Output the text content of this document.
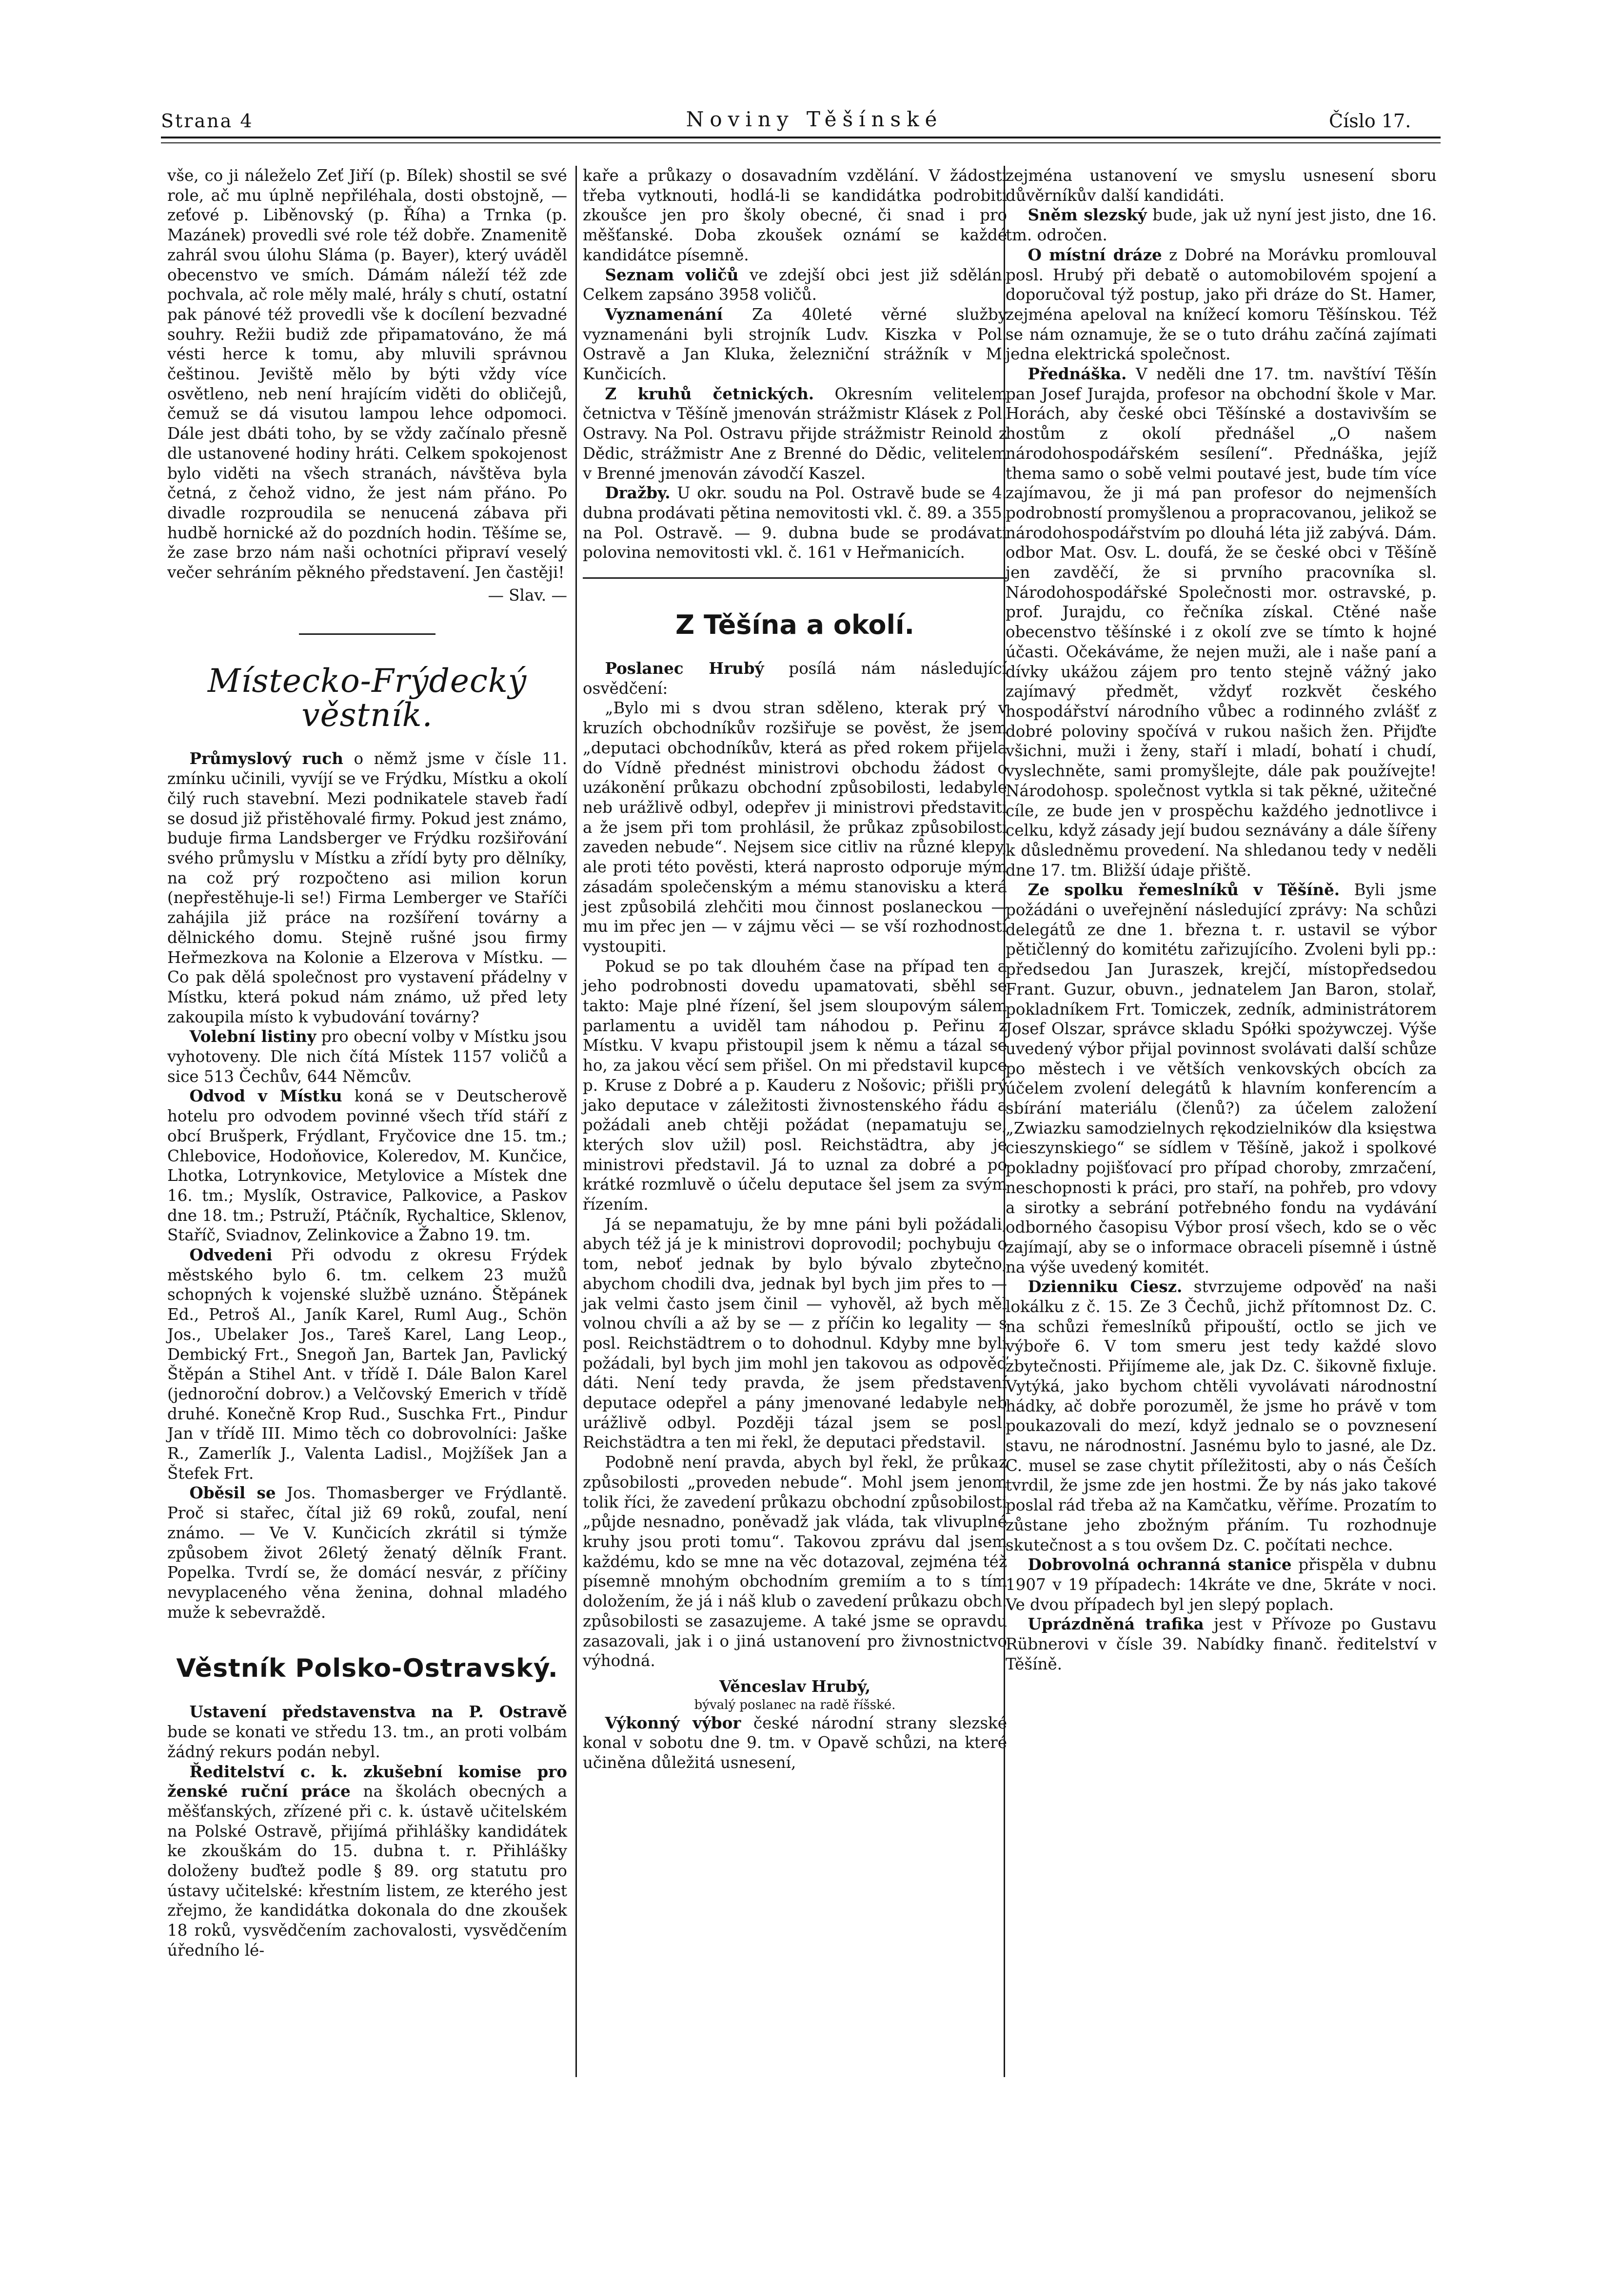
Strana 4	Noviny Těšínské	Číslo 17.

vše, co ji náleželo Zeť Jiří (p. Bílek) shostil se své role, ač mu úplně nepřiléhala, dosti obstojně, — zeťové p. Liběnovský (p. Říha) a Trnka (p. Mazánek) provedli své role též dobře. Znamenitě zahrál svou úlohu Sláma (p. Bayer), který uváděl obecenstvo ve smích. Dámám náleží též zde pochvala, ač role měly malé, hrály s chutí, ostatní pak pánové též provedli vše k docílení bezvadné souhry. Režii budiž zde připamatováno, že má vésti herce k tomu, aby mluvili správnou češtinou. Jeviště mělo by býti vždy více osvětleno, neb není hrajícím viděti do obličejů, čemuž se dá visutou lampou lehce odpomoci. Dále jest dbáti toho, by se vždy začínalo přesně dle ustanovené hodiny hráti. Celkem spokojenost bylo viděti na všech stranách, návštěva byla četná, z čehož vidno, že jest nám přáno. Po divadle rozproudila se nenucená zábava při hudbě hornické až do pozdních hodin. Těšíme se, že zase brzo nám naši ochotníci připraví veselý večer sehráním pěkného představení. Jen častěji!

— Slav. —
Místecko-Frýdecký věstník.

Průmyslový ruch o němž jsme v čísle 11. zmínku učinili, vyvíjí se ve Frýdku, Místku a okolí čilý ruch stavební. Mezi podnikatele staveb řadí se dosud již přistěhovalé firmy. Pokud jest známo, buduje firma Landsberger ve Frýdku rozšiřování svého průmyslu v Místku a zřídí byty pro dělníky, na což prý rozpočteno asi milion korun (nepřestěhuje-li se!) Firma Lemberger ve Staříči zahájila již práce na rozšíření továrny a dělnického domu. Stejně rušné jsou firmy Heřmezkova na Kolonie a Elzerova v Místku. — Co pak dělá společnost pro vystavení přádelny v Místku, která pokud nám známo, už před lety zakoupila místo k vybudování továrny?

Volební listiny pro obecní volby v Místku jsou vyhotoveny. Dle nich čítá Místek 1157 voličů a sice 513 Čechův, 644 Němcův.

Odvod v Místku koná se v Deutscherově hotelu pro odvodem povinné všech tříd stáří z obcí Brušperk, Frýdlant, Fryčovice dne 15. tm.; Chlebovice, Hodoňovice, Koleredov, M. Kunčice, Lhotka, Lotrynkovice, Metylovice a Místek dne 16. tm.; Myslík, Ostravice, Palkovice, a Paskov dne 18. tm.; Pstruží, Ptáčník, Rychaltice, Sklenov, Staříč, Sviadnov, Zelinkovice a Žabno 19. tm.

Odvedeni Při odvodu z okresu Frýdek městského bylo 6. tm. celkem 23 mužů schopných k vojenské službě uznáno. Štěpánek Ed., Petroš Al., Janík Karel, Ruml Aug., Schön Jos., Ubelaker Jos., Tareš Karel, Lang Leop., Dembický Frt., Snegoň Jan, Bartek Jan, Pavlický Štěpán a Stihel Ant. v třídě I. Dále Balon Karel (jednoroční dobrov.) a Velčovský Emerich v třídě druhé. Konečně Krop Rud., Suschka Frt., Pindur Jan v třídě III. Mimo těch co dobrovolníci: Jaške R., Zamerlík J., Valenta Ladisl., Mojžíšek Jan a Štefek Frt.

Oběsil se Jos. Thomasberger ve Frýdlantě. Proč si stařec, čítal již 69 roků, zoufal, není známo. — Ve V. Kunčicích zkrátil si týmže způsobem život 26letý ženatý dělník Frant. Popelka. Tvrdí se, že domácí nesvár, z příčiny nevyplaceného věna ženina, dohnal mladého muže k sebevraždě.

Věstník Polsko-Ostravský.

Ustavení představenstva na P. Ostravě bude se konati ve středu 13. tm., an proti volbám žádný rekurs podán nebyl.

Ředitelství c. k. zkušební komise pro ženské ruční práce na školách obecných a měšťanských, zřízené při c. k. ústavě učitelském na Polské Ostravě, přijímá přihlášky kandidátek ke zkouškám do 15. dubna t. r. Přihlášky doloženy buďtež podle § 89. org statutu pro ústavy učitelské: křestním listem, ze kterého jest zřejmo, že kandidátka dokonala do dne zkoušek 18 roků, vysvědčením zachovalosti, vysvědčením úředního lé-

kaře a průkazy o dosavadním vzdělání. V žádosti třeba vytknouti, hodlá-li se kandidátka podrobiti zkoušce jen pro školy obecné, či snad i pro měšťanské. Doba zkoušek oznámí se každé kandidátce písemně.

Seznam voličů ve zdejší obci jest již sdělán. Celkem zapsáno 3958 voličů.

Vyznamenání Za 40leté věrné služby vyznamenáni byli strojník Ludv. Kiszka v Pol. Ostravě a Jan Kluka, železniční strážník v M. Kunčicích.

Z kruhů četnických. Okresním velitelem četnictva v Těšíně jmenován strážmistr Klásek z Pol. Ostravy. Na Pol. Ostravu přijde strážmistr Reinold z Dědic, strážmistr Ane z Brenné do Dědic, velitelem v Brenné jmenován závodčí Kaszel.

Dražby. U okr. soudu na Pol. Ostravě bude se 4. dubna prodávati pětina nemovitosti vkl. č. 89. a 355. na Pol. Ostravě. — 9. dubna bude se prodávati polovina nemovitosti vkl. č. 161 v Heřmanicích.

Z Těšína a okolí.

Poslanec Hrubý posílá nám následující osvědčení:

„Bylo mi s dvou stran sděleno, kterak prý v kruzích obchodníkův rozšiřuje se pověst, že jsem „deputaci obchodníkův, která as před rokem přijela do Vídně přednést ministrovi obchodu žádost o uzákonění průkazu obchodní způsobilosti, ledabyle neb urážlivě odbyl, odepřev ji ministrovi představiti a že jsem při tom prohlásil, že průkaz způsobilosti zaveden nebude“. Nejsem sice citliv na různé klepy, ale proti této pověsti, která naprosto odporuje mým zásadám společenským a mému stanovisku a která jest způsobilá zlehčiti mou činnost poslaneckou — mu im přec jen — v zájmu věci — se vší rozhodností vystoupiti.

Pokud se po tak dlouhém čase na případ ten a jeho podrobnosti dovedu upamatovati, sběhl se takto: Maje plné řízení, šel jsem sloupovým sálem parlamentu a uviděl tam náhodou p. Peřinu z Místku. V kvapu přistoupil jsem k němu a tázal se ho, za jakou věcí sem přišel. On mi představil kupce p. Kruse z Dobré a p. Kauderu z Nošovic; přišli prý jako deputace v záležitosti živnostenského řádu a požádali aneb chtěji požádat (nepamatuju se, kterých slov užil) posl. Reichstädtra, aby je ministrovi představil. Já to uznal za dobré a po krátké rozmluvě o účelu deputace šel jsem za svým řízením.

Já se nepamatuju, že by mne páni byli požádali, abych též já je k ministrovi doprovodil; pochybuju o tom, neboť jednak by bylo bývalo zbytečno, abychom chodili dva, jednak byl bych jim přes to — jak velmi často jsem činil — vyhověl, až bych měl volnou chvíli a až by se — z příčin ko legality — s posl. Reichstädtrem o to dohodnul. Kdyby mne byli požádali, byl bych jim mohl jen takovou as odpověď dáti. Není tedy pravda, že jsem představení deputace odepřel a pány jmenované ledabyle neb urážlivě odbyl. Později tázal jsem se posl. Reichstädtra a ten mi řekl, že deputaci představil.

Podobně není pravda, abych byl řekl, že průkaz způsobilosti „proveden nebude“. Mohl jsem jenom tolik říci, že zavedení průkazu obchodní způsobilosti „půjde nesnadno, poněvadž jak vláda, tak vlivuplné kruhy jsou proti tomu“. Takovou zprávu dal jsem každému, kdo se mne na věc dotazoval, zejména též písemně mnohým obchodním gremiím a to s tím doložením, že já i náš klub o zavedení průkazu obch. způsobilosti se zasazujeme. A také jsme se opravdu zasazovali, jak i o jiná ustanovení pro živnostnictvo výhodná.

Věnceslav Hrubý,
bývalý poslanec na radě říšské.

Výkonný výbor české národní strany slezské konal v sobotu dne 9. tm. v Opavě schůzi, na které učiněna důležitá usnesení,

zejména ustanovení ve smyslu usnesení sboru důvěrníkův další kandidáti.

Sněm slezský bude, jak už nyní jest jisto, dne 16. tm. odročen.

O místní dráze z Dobré na Morávku promlouval posl. Hrubý při debatě o automobilovém spojení a doporučoval týž postup, jako při dráze do St. Hamer, zejména apeloval na knížecí komoru Těšínskou. Též se nám oznamuje, že se o tuto dráhu začíná zajímati jedna elektrická společnost.

Přednáška. V neděli dne 17. tm. navštíví Těšín pan Josef Jurajda, profesor na obchodní škole v Mar. Horách, aby české obci Těšínské a dostavivším se hostům z okolí přednášel „O našem národohospodářském sesílení“. Přednáška, jejíž thema samo o sobě velmi poutavé jest, bude tím více zajímavou, že ji má pan profesor do nejmenších podrobností promyšlenou a propracovanou, jelikož se národohospodářstvím po dlouhá léta již zabývá. Dám. odbor Mat. Osv. L. doufá, že se české obci v Těšíně jen zavděčí, že si prvního pracovníka sl. Národohospodářské Společnosti mor. ostravské, p. prof. Jurajdu, co řečníka získal. Ctěné naše obecenstvo těšínské i z okolí zve se tímto k hojné účasti. Očekáváme, že nejen muži, ale i naše paní a dívky ukážou zájem pro tento stejně vážný jako zajímavý předmět, vždyť rozkvět českého hospodářství národního vůbec a rodinného zvlášť z dobré poloviny spočívá v rukou našich žen. Přijďte všichni, muži i ženy, staří i mladí, bohatí i chudí, vyslechněte, sami promyšlejte, dále pak používejte! Národohosp. společnost vytkla si tak pěkné, užitečné cíle, ze bude jen v prospěchu každého jednotlivce i celku, když zásady její budou seznávány a dále šířeny k důsledněmu provedení. Na shledanou tedy v neděli dne 17. tm. Bližší údaje přiště.

Ze spolku řemeslníků v Těšíně. Byli jsme požádáni o uveřejnění následující zprávy: Na schůzi delegátů ze dne 1. března t. r. ustavil se výbor pětičlenný do komitétu zařizujícího. Zvoleni byli pp.: předsedou Jan Juraszek, krejčí, místopředsedou Frant. Guzur, obuvn., jednatelem Jan Baron, stolař, pokladníkem Frt. Tomiczek, zedník, administrátorem Josef Olszar, správce skladu Spółki spożywczej. Výše uvedený výbor přijal povinnost svolávati další schůze po městech i ve větších venkovských obcích za účelem zvolení delegátů k hlavním konferencím a sbírání materiálu (členů?) za účelem založení „Zwiazku samodzielnych rękodzielników dla księstwa cieszynskiego“ se sídlem v Těšíně, jakož i spolkové pokladny pojišťovací pro případ choroby, zmrzačení, neschopnosti k práci, pro staří, na pohřeb, pro vdovy a sirotky a sebrání potřebného fondu na vydávání odborného časopisu Výbor prosí všech, kdo se o věc zajímají, aby se o informace obraceli písemně i ústně na výše uvedený komitét.

Dzienniku Ciesz. stvrzujeme odpověď na naši lokálku z č. 15. Ze 3 Čechů, jichž přítomnost Dz. C. na schůzi řemeslníků připouští, octlo se jich ve výboře 6. V tom smeru jest tedy každé slovo zbytečnosti. Přijímeme ale, jak Dz. C. šikovně fixluje. Vytýká, jako bychom chtěli vyvolávati národnostní hádky, ač dobře porozuměl, že jsme ho právě v tom poukazovali do mezí, když jednalo se o povznesení stavu, ne národnostní. Jasnému bylo to jasné, ale Dz. C. musel se zase chytit příležitosti, aby o nás Češích tvrdil, že jsme zde jen hostmi. Že by nás jako takové poslal rád třeba až na Kamčatku, věříme. Prozatím to zůstane jeho zbožným přáním. Tu rozhodnuje skutečnost a s tou ovšem Dz. C. počítati nechce.

Dobrovolná ochranná stanice přispěla v dubnu 1907 v 19 případech: 14kráte ve dne, 5kráte v noci. Ve dvou případech byl jen slepý poplach.

Uprázdněná trafika jest v Přívoze po Gustavu Rübnerovi v čísle 39. Nabídky finanč. ředitelství v Těšíně.
